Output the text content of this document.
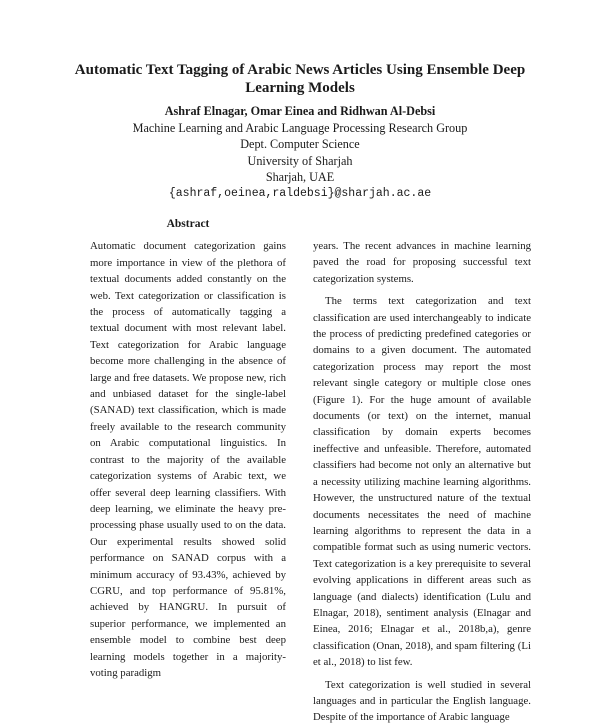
Automatic Text Tagging of Arabic News Articles Using Ensemble Deep Learning Models
Ashraf Elnagar, Omar Einea and Ridhwan Al-Debsi
Machine Learning and Arabic Language Processing Research Group
Dept. Computer Science
University of Sharjah
Sharjah, UAE
{ashraf,oeinea,raldebsi}@sharjah.ac.ae
Abstract

Automatic document categorization gains more importance in view of the plethora of textual documents added constantly on the web. Text categorization or classification is the process of automatically tagging a textual document with most relevant label. Text categorization for Arabic language become more challenging in the absence of large and free datasets. We propose new, rich and unbiased dataset for the single-label (SANAD) text classification, which is made freely available to the research community on Arabic computational linguistics. In contrast to the majority of the available categorization systems of Arabic text, we offer several deep learning classifiers. With deep learning, we eliminate the heavy pre-processing phase usually used to on the data. Our experimental results showed solid performance on SANAD corpus with a minimum accuracy of 93.43%, achieved by CGRU, and top performance of 95.81%, achieved by HANGRU. In pursuit of superior performance, we implemented an ensemble model to combine best deep learning models together in a majority-voting paradigm

years. The recent advances in machine learning paved the road for proposing successful text categorization systems.

The terms text categorization and text classification are used interchangeably to indicate the process of predicting predefined categories or domains to a given document. The automated categorization process may report the most relevant single category or multiple close ones (Figure 1). For the huge amount of available documents (or text) on the internet, manual classification by domain experts becomes ineffective and unfeasible. Therefore, automated classifiers had become not only an alternative but a necessity utilizing machine learning algorithms. However, the unstructured nature of the textual documents necessitates the need of machine learning algorithms to represent the data in a compatible format such as using numeric vectors. Text categorization is a key prerequisite to several evolving applications in different areas such as language (and dialects) identification (Lulu and Elnagar, 2018), sentiment analysis (Elnagar and Einea, 2016; Elnagar et al., 2018b,a), genre classification (Onan, 2018), and spam filtering (Li et al., 2018) to list few.

Text categorization is well studied in several languages and in particular the English language. Despite of the importance of Arabic language
